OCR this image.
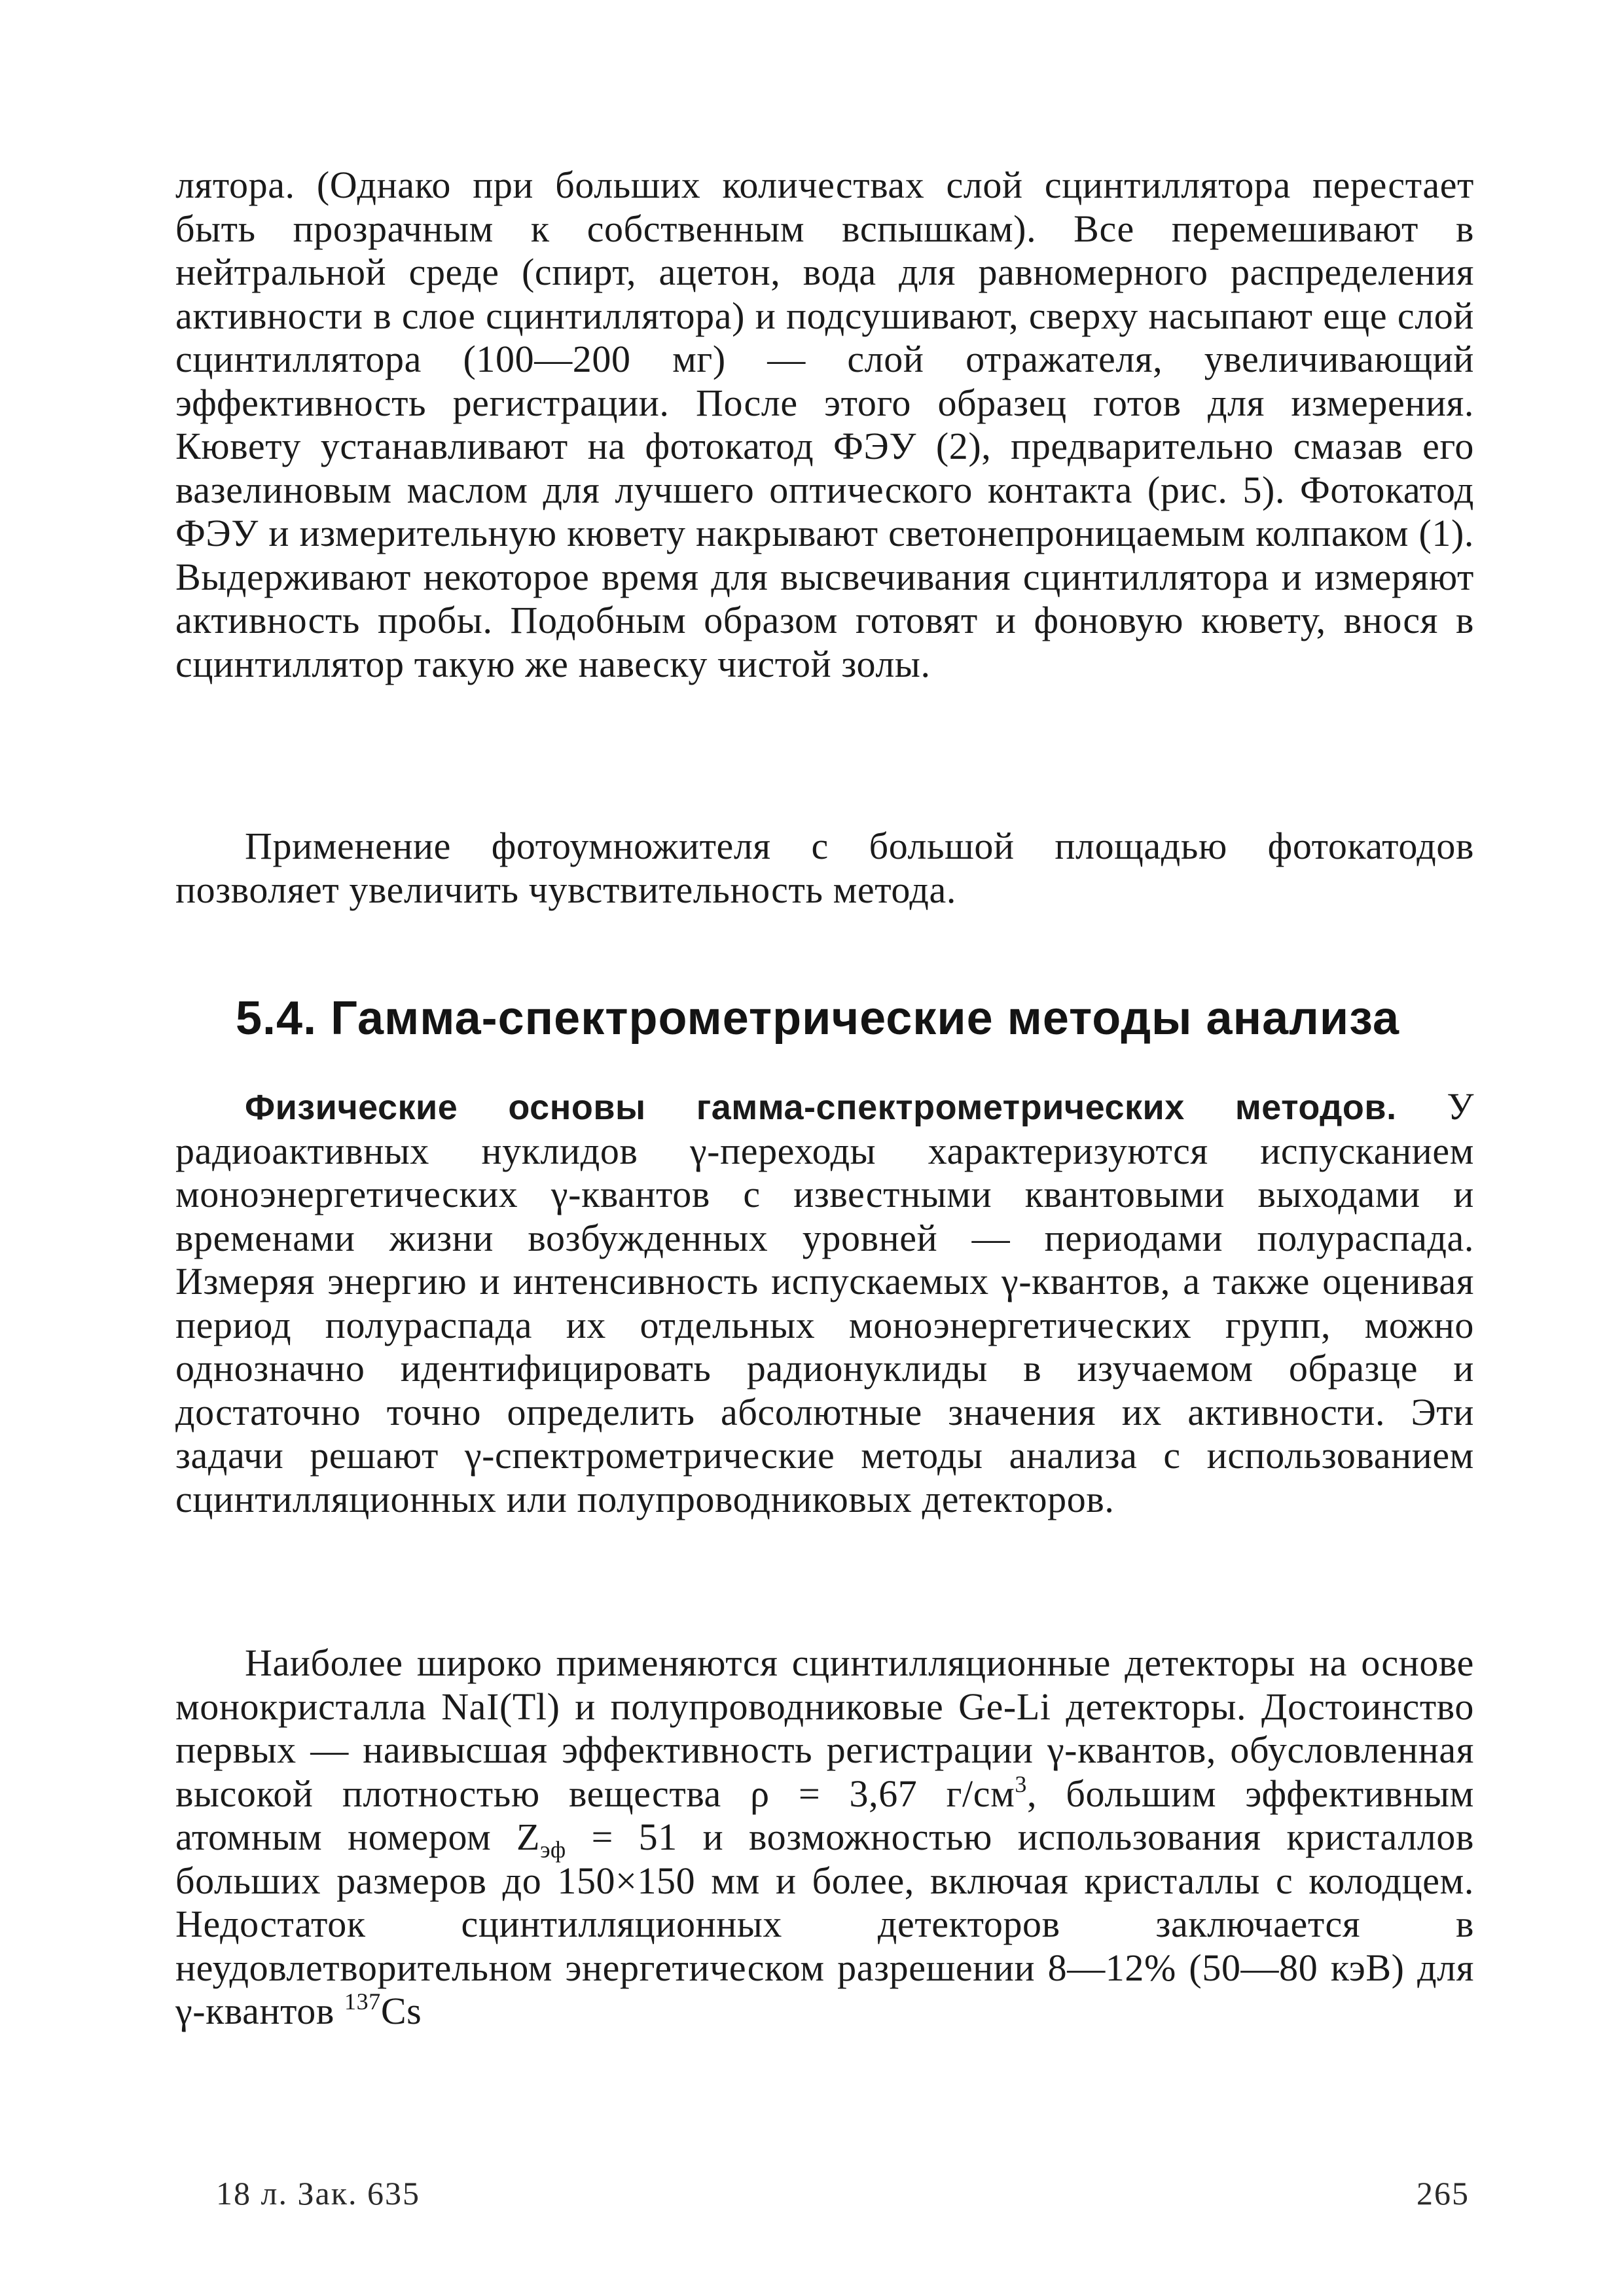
лятора. (Однако при больших количествах слой сцинтиллятора перестает быть прозрачным к собственным вспышкам). Все перемешивают в нейтральной среде (спирт, ацетон, вода для равномерного распределения активности в слое сцинтиллятора) и подсушивают, сверху насыпают еще слой сцинтиллятора (100—200 мг) — слой отражателя, увеличивающий эффективность регистрации. После этого образец готов для измерения. Кювету устанавливают на фотокатод ФЭУ (2), предварительно смазав его вазелиновым маслом для лучшего оптического контакта (рис. 5). Фотокатод ФЭУ и измерительную кювету накрывают светонепроницаемым колпаком (1). Выдерживают некоторое время для высвечивания сцинтиллятора и измеряют активность пробы. Подобным образом готовят и фоновую кювету, внося в сцинтиллятор такую же навеску чистой золы.

Применение фотоумножителя с большой площадью фотокатодов позволяет увеличить чувствительность метода.

5.4. Гамма-спектрометрические методы анализа

Физические основы гамма-спектрометрических методов. У радиоактивных нуклидов γ-переходы характеризуются испусканием моноэнергетических γ-квантов с известными квантовыми выходами и временами жизни возбужденных уровней — периодами полураспада. Измеряя энергию и интенсивность испускаемых γ-квантов, а также оценивая период полураспада их отдельных моноэнергетических групп, можно однозначно идентифицировать радионуклиды в изучаемом образце и достаточно точно определить абсолютные значения их активности. Эти задачи решают γ-спектрометрические методы анализа с использованием сцинтилляционных или полупроводниковых детекторов.

Наиболее широко применяются сцинтилляционные детекторы на основе монокристалла NaI(Tl) и полупроводниковые Ge-Li детекторы. Достоинство первых — наивысшая эффективность регистрации γ-квантов, обусловленная высокой плотностью вещества ρ = 3,67 $г/см^3$, большим эффективным атомным номером $Z_{эф} = 51$ и возможностью использования кристаллов больших размеров до 150×150 мм и более, включая кристаллы с колодцем. Недостаток сцинтилляционных детекторов заключается в неудовлетворительном энергетическом разрешении 8—12% (50—80 кэВ) для γ-квантов $^{137}$Cs

18 л. Зак. 635	265
